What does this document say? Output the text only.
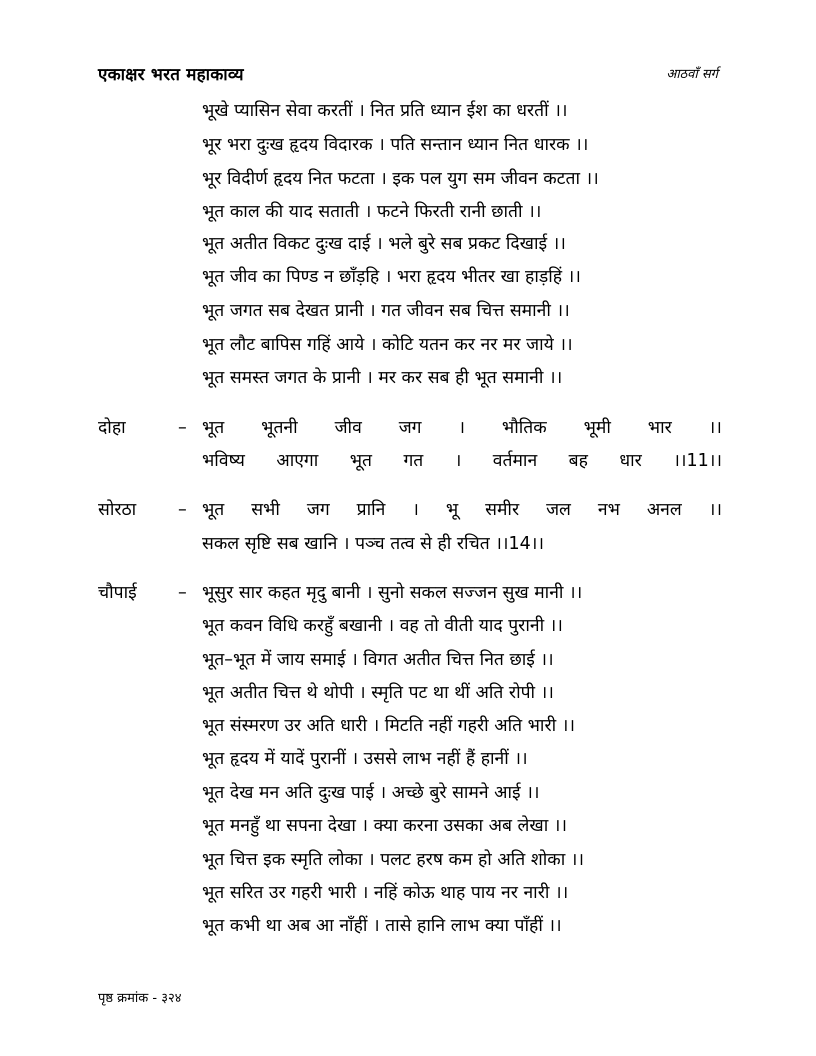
एकाक्षर भरत महाकाव्य	आठवाँ सर्ग
भूखे प्यासिन सेवा करतीं । नित प्रति ध्यान ईश का धरतीं ।।
भूर भरा दुःख हृदय विदारक । पति सन्तान ध्यान नित धारक ।।
भूर विदीर्ण हृदय नित फटता । इक पल युग सम जीवन कटता ।।
भूत काल की याद सताती । फटने फिरती रानी छाती ।।
भूत अतीत विकट दुःख दाई । भले बुरे सब प्रकट दिखाई ।।
भूत जीव का पिण्ड न छाँड़हि । भरा हृदय भीतर खा हाड़हिं ।।
भूत जगत सब देखत प्रानी । गत जीवन सब चित्त समानी ।।
भूत लौट बापिस गहिं आये । कोटि यतन कर नर मर जाये ।।
भूत समस्त जगत के प्रानी । मर कर सब ही भूत समानी ।।
दोहा	– भूत भूतनी जीव जग । भौतिक भूमी भार ।।
भविष्य आएगा भूत गत । वर्तमान बह धार ।।11।।
सोरठा – भूत सभी जग प्रानि । भू समीर जल नभ अनल ।।
सकल सृष्टि सब खानि । पञ्च तत्व से ही रचित ।।14।।
चौपाई – भूसुर सार कहत मृदु बानी । सुनो सकल सज्जन सुख मानी ।।
भूत कवन विधि करहुँ बखानी । वह तो वीती याद पुरानी ।।
भूत–भूत में जाय समाई । विगत अतीत चित्त नित छाई ।।
भूत अतीत चित्त थे थोपी । स्मृति पट था थीं अति रोपी ।।
भूत संस्मरण उर अति धारी । मिटति नहीं गहरी अति भारी ।।
भूत हृदय में यादें पुरानीं । उससे लाभ नहीं हैं हानीं ।।
भूत देख मन अति दुःख पाई । अच्छे बुरे सामने आई ।।
भूत मनहुँ था सपना देखा । क्या करना उसका अब लेखा ।।
भूत चित्त इक स्मृति लोका । पलट हरष कम हो अति शोका ।।
भूत सरित उर गहरी भारी । नहिं कोऊ थाह पाय नर नारी ।।
भूत कभी था अब आ नाँहीं । तासे हानि लाभ क्या पाँहीं ।।
पृष्ठ क्रमांक - ३२४
